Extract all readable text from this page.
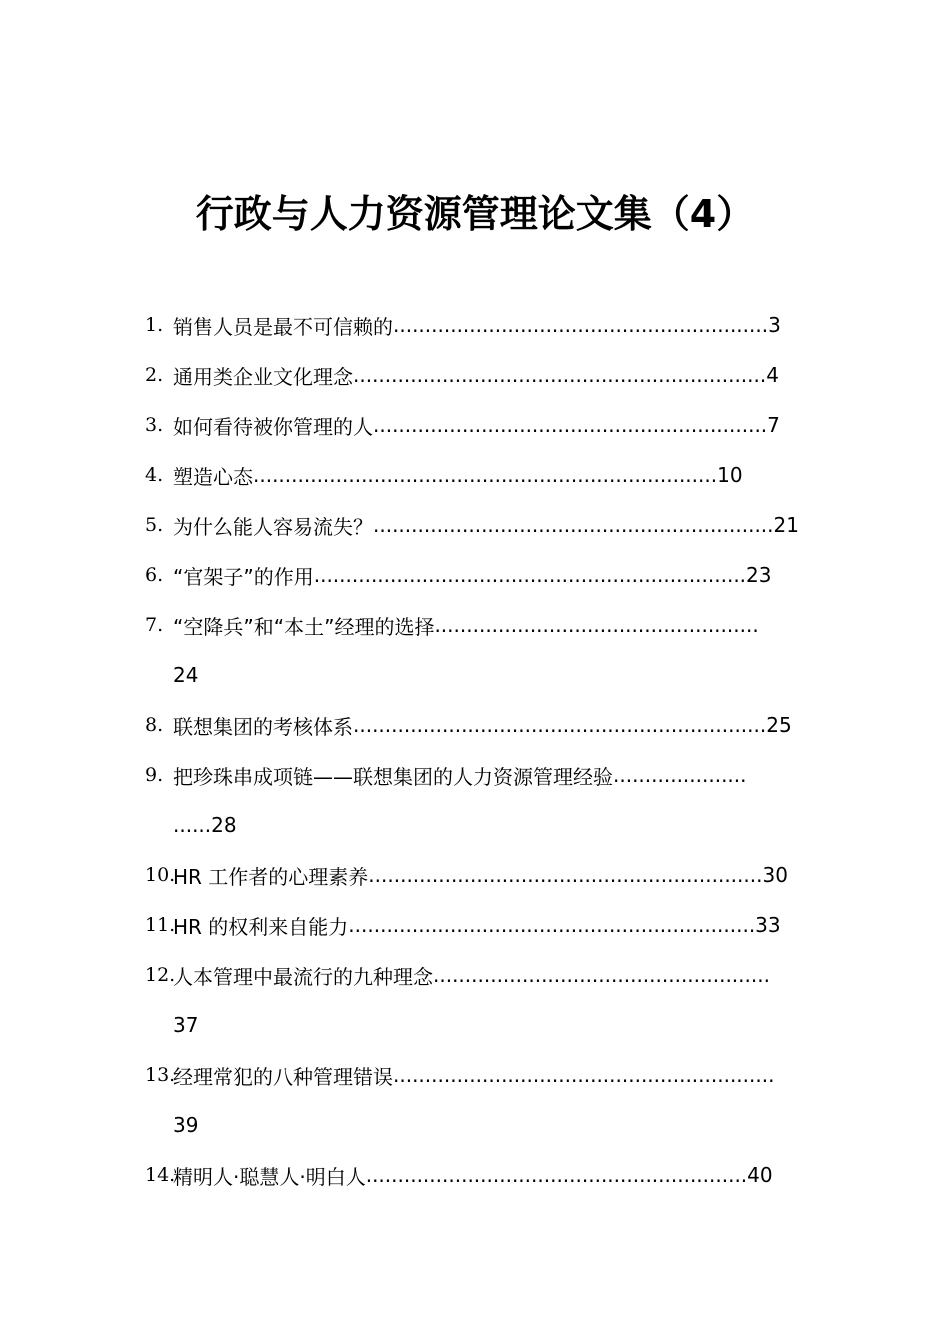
行政与人力资源管理论文集（4）
1. 销售人员是最不可信赖的 ........................................................... 3
2. 通用类企业文化理念 ................................................................. 4
3. 如何看待被你管理的人 .............................................................. 7
4. 塑造心态 ......................................................................... 10
5. 为什么能人容易流失？ ............................................................... 21
6. “官架子”的作用 .................................................................... 23
7. “空降兵”和“本土”经理的选择 ...................................................
24
8. 联想集团的考核体系 ................................................................. 25
9. 把珍珠串成项链——联想集团的人力资源管理经验 .....................
......28
10.
HR 工作者的心理素养 .............................................................. 30
11.
HR 的权利来自能力 ................................................................ 33
12.
人本管理中最流行的九种理念 .....................................................
37
13.
经理常犯的八种管理错误 ............................................................
39
14.
精明人·聪慧人·明白人 ............................................................ 40
